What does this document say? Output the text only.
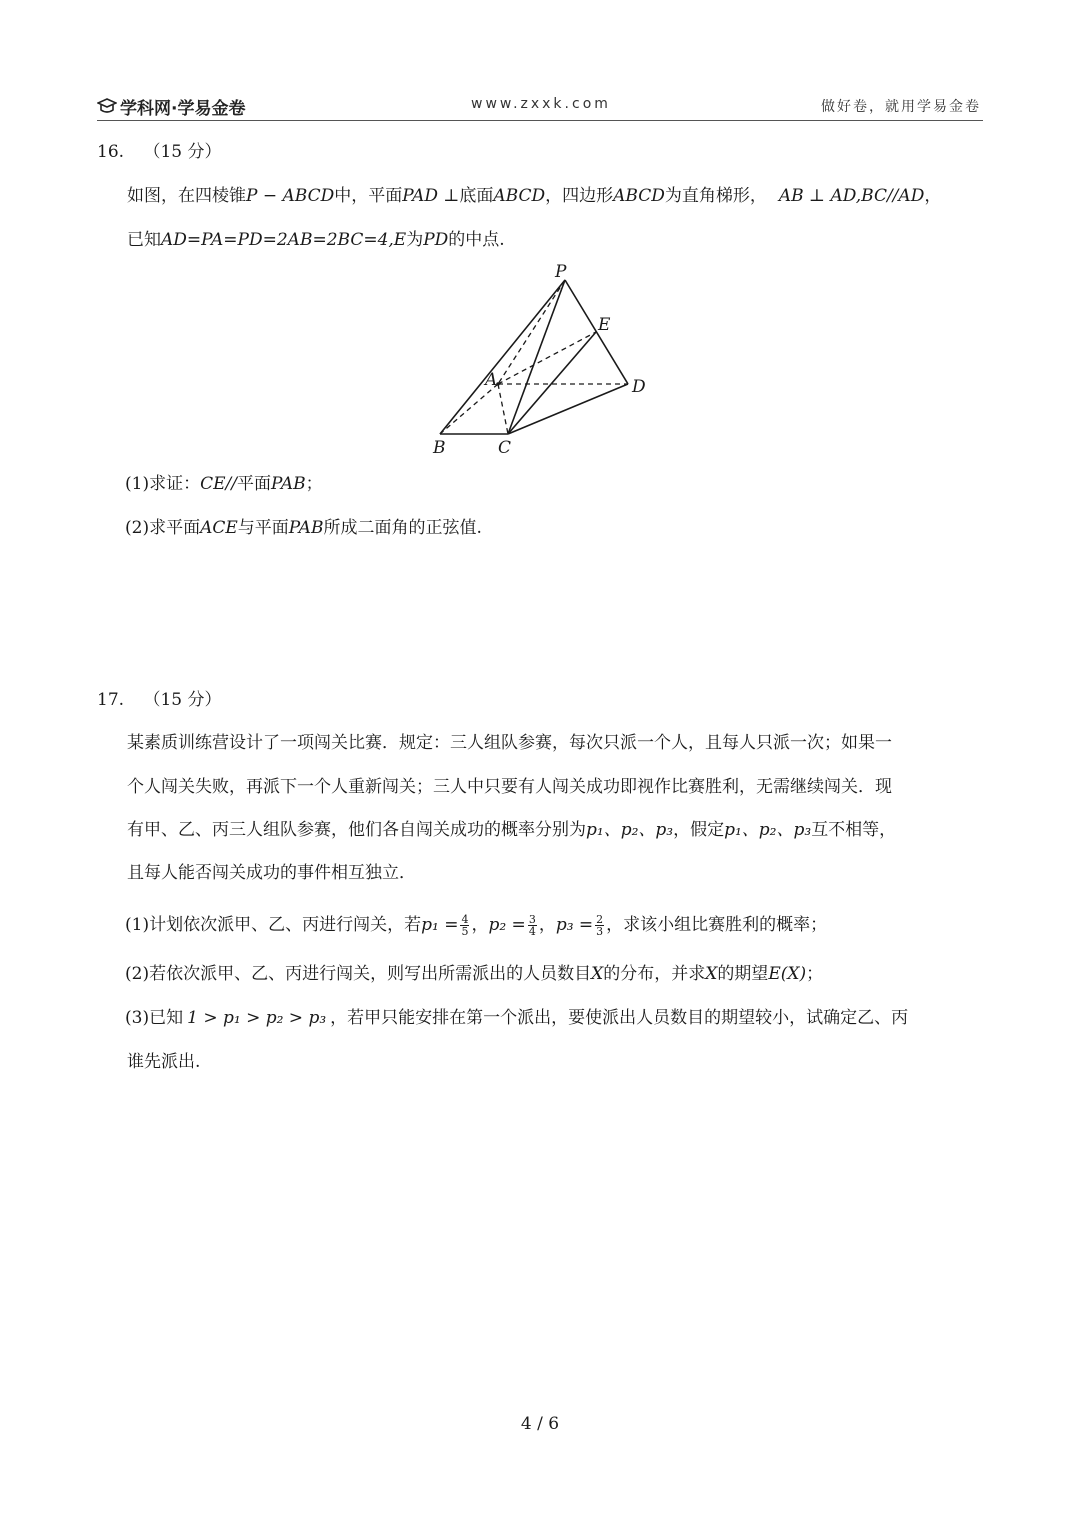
学科网·学易金卷	www.zxxk.com	做好卷，就用学易金卷
16. （15 分）
如图，在四棱锥P − ABCD中，平面PAD ⊥底面ABCD，四边形ABCD为直角梯形， AB ⊥ AD,BC//AD，
已知AD=PA=PD=2AB=2BC=4,E为PD的中点.
P
E
A	D
B	C
(1)求证：CE//平面PAB；
(2)求平面ACE与平面PAB所成二面角的正弦值.
17. （15 分）
某素质训练营设计了一项闯关比赛．规定：三人组队参赛，每次只派一个人，且每人只派一次；如果一
个人闯关失败，再派下一个人重新闯关；三人中只要有人闯关成功即视作比赛胜利，无需继续闯关．现
有甲、乙、丙三人组队参赛，他们各自闯关成功的概率分别为p₁、p₂、p₃，假定p₁、p₂、p₃互不相等，
且每人能否闯关成功的事件相互独立．
(1)计划依次派甲、乙、丙进行闯关，若 $p_1 = \frac{4}{5}$ ， $p_2 = \frac{3}{4}$ ， $p_3 = \frac{2}{3}$ ，求该小组比赛胜利的概率；
(2)若依次派甲、乙、丙进行闯关，则写出所需派出的人员数目X的分布，并求X的期望E(X)；
(3)已知 1 > p₁ > p₂ > p₃ ，若甲只能安排在第一个派出，要使派出人员数目的期望较小，试确定乙、丙
谁先派出.
4 / 6
